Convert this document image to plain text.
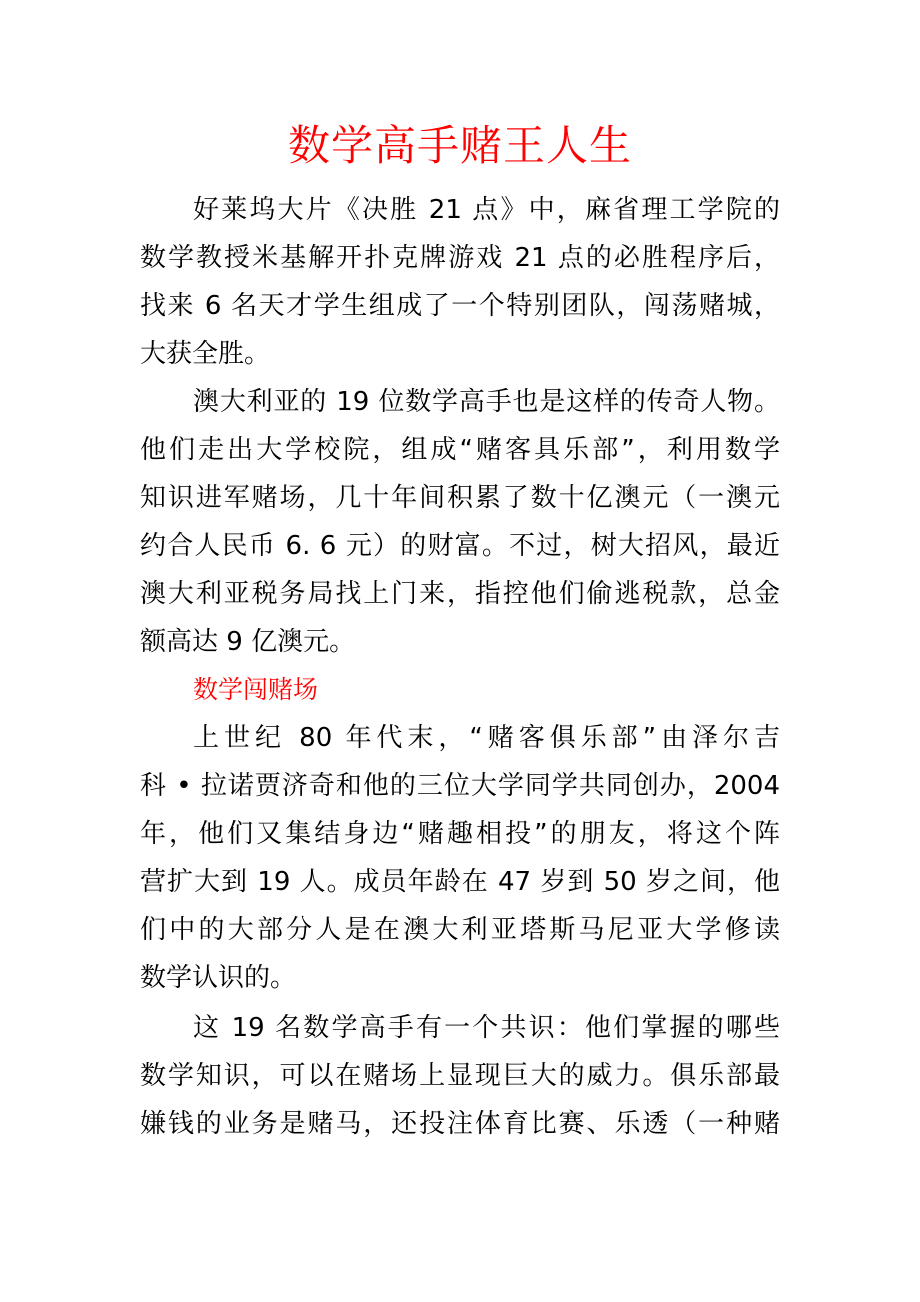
数学高手赌王人生
好莱坞大片《决胜 21 点》中，麻省理工学院的
数学教授米基解开扑克牌游戏 21 点的必胜程序后，
找来 6 名天才学生组成了一个特别团队，闯荡赌城，
大获全胜。
澳大利亚的 19 位数学高手也是这样的传奇人物。
他们走出大学校院，组成“赌客具乐部”，利用数学
知识进军赌场，几十年间积累了数十亿澳元（一澳元
约合人民币 6. 6 元）的财富。不过，树大招风，最近
澳大利亚税务局找上门来，指控他们偷逃税款，总金
额高达 9 亿澳元。
数学闯赌场
上世纪 80 年代末，“赌客俱乐部”由泽尔吉
科 • 拉诺贾济奇和他的三位大学同学共同创办，2004
年，他们又集结身边“赌趣相投”的朋友，将这个阵
营扩大到 19 人。成员年龄在 47 岁到 50 岁之间，他
们中的大部分人是在澳大利亚塔斯马尼亚大学修读
数学认识的。
这 19 名数学高手有一个共识：他们掌握的哪些
数学知识，可以在赌场上显现巨大的威力。俱乐部最
嫌钱的业务是赌马，还投注体育比赛、乐透（一种赌
